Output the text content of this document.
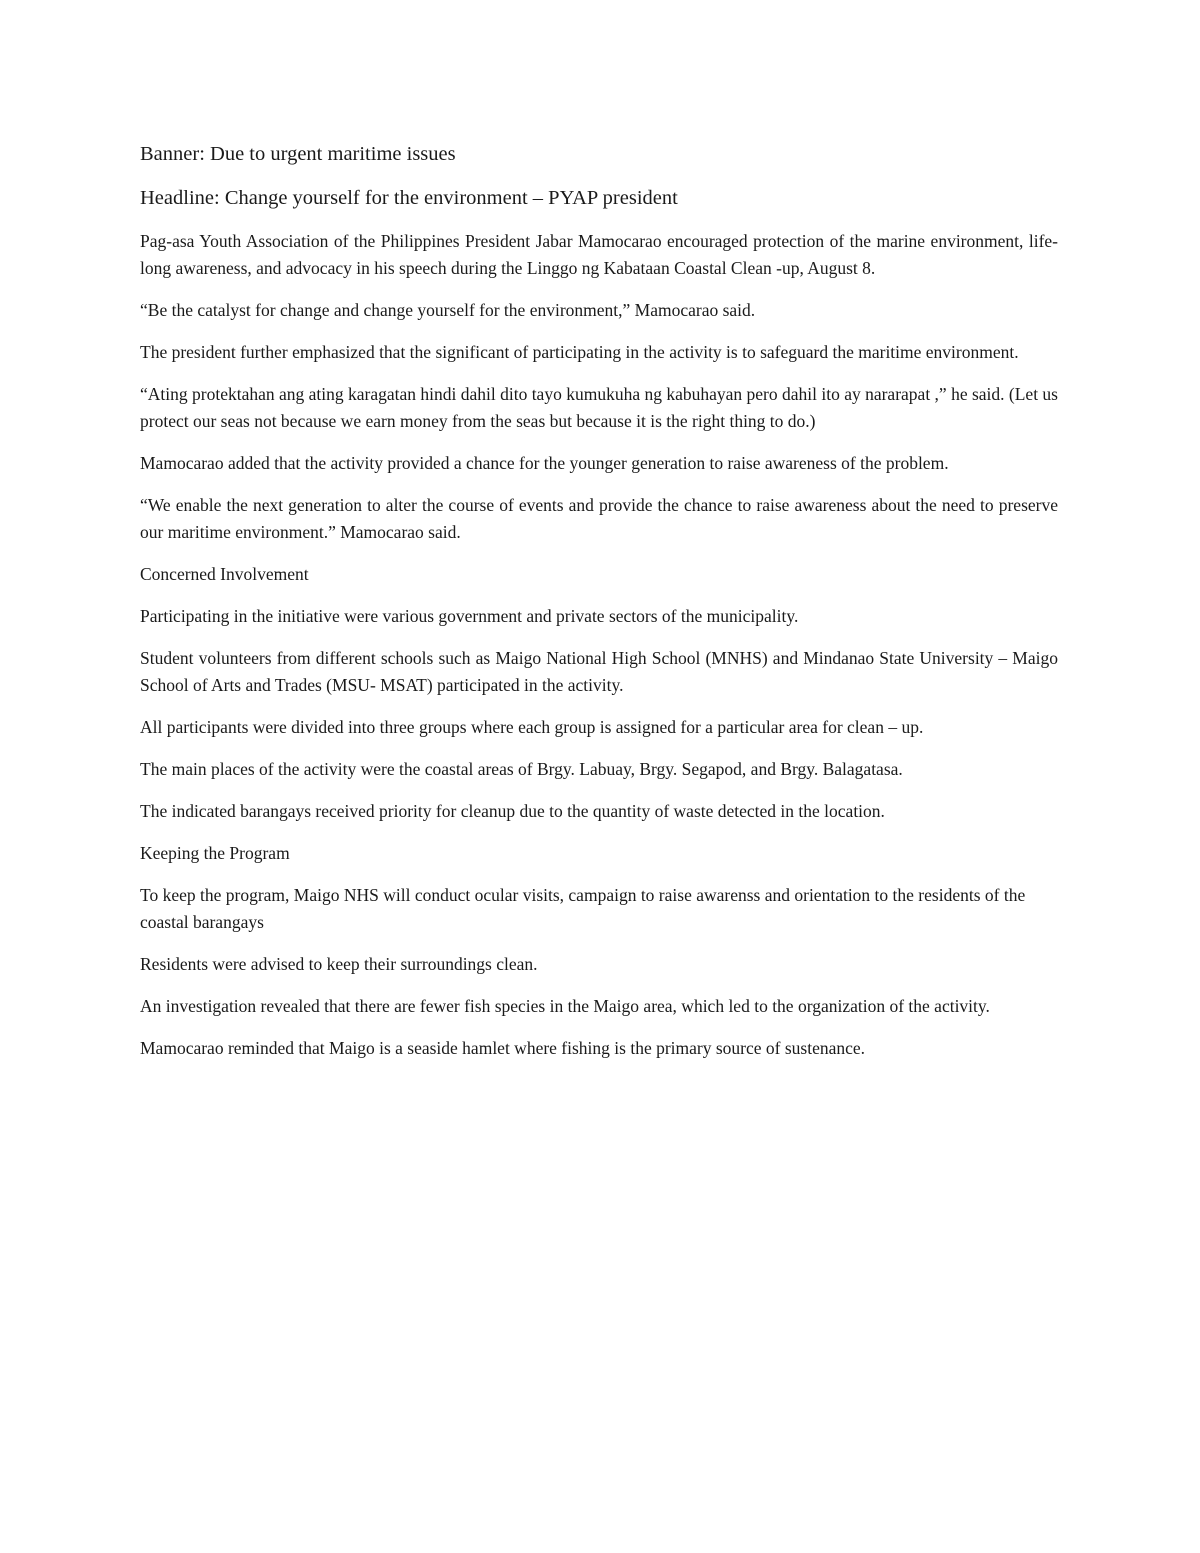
Banner: Due to urgent maritime issues

Headline: Change yourself for the environment – PYAP president

Pag-asa Youth Association of the Philippines President Jabar Mamocarao encouraged protection of the marine environment, life-long awareness, and advocacy in his speech during the Linggo ng Kabataan Coastal Clean -up, August 8.

“Be the catalyst for change and change yourself for the environment,” Mamocarao said.

The president further emphasized that the significant of participating in the activity is to safeguard the maritime environment.

“Ating protektahan ang ating karagatan hindi dahil dito tayo kumukuha ng kabuhayan pero dahil ito ay nararapat ,” he said. (Let us protect our seas not because we earn money from the seas but because it is the right thing to do.)

Mamocarao added that the activity provided a chance for the younger generation to raise awareness of the problem.

“We enable the next generation to alter the course of events and provide the chance to raise awareness about the need to preserve our maritime environment.” Mamocarao said.

Concerned Involvement

Participating in the initiative were various government and private sectors of the municipality.

Student volunteers from different schools such as Maigo National High School (MNHS) and Mindanao State University – Maigo School of Arts and Trades (MSU- MSAT) participated in the activity.

All participants were divided into three groups where each group is assigned for a particular area for clean – up.

The main places of the activity were the coastal areas of Brgy. Labuay, Brgy. Segapod, and Brgy. Balagatasa.

The indicated barangays received priority for cleanup due to the quantity of waste detected in the location.

Keeping the Program

To keep the program, Maigo NHS will conduct ocular visits, campaign to raise awarenss and orientation to the residents of the coastal barangays

Residents were advised to keep their surroundings clean.

An investigation revealed that there are fewer fish species in the Maigo area, which led to the organization of the activity.

Mamocarao reminded that Maigo is a seaside hamlet where fishing is the primary source of sustenance.
